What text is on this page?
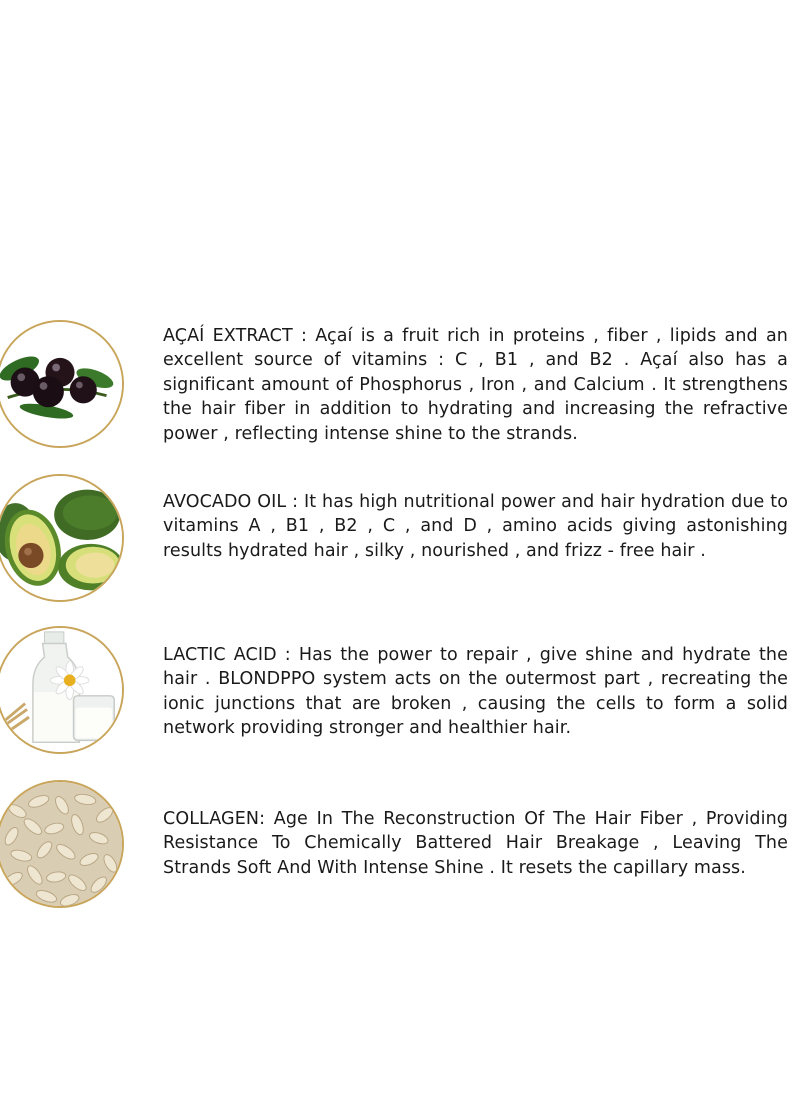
AÇAÍ EXTRACT : Açaí is a fruit rich in proteins , fiber , lipids and an excellent source of vitamins : C , B1 , and B2 . Açaí also has a significant amount of Phosphorus , Iron , and Calcium . It strengthens the hair fiber in addition to hydrating and increasing the refractive power , reflecting intense shine to the strands.

AVOCADO OIL : It has high nutritional power and hair hydration due to vitamins A , B1 , B2 , C , and D , amino acids giving astonishing results hydrated hair , silky , nourished , and frizz - free hair .

LACTIC ACID : Has the power to repair , give shine and hydrate the hair . BLONDPPO system acts on the outermost part , recreating the ionic junctions that are broken , causing the cells to form a solid network providing stronger and healthier hair.

COLLAGEN: Age In The Reconstruction Of The Hair Fiber , Providing Resistance To Chemically Battered Hair Breakage , Leaving The Strands Soft And With Intense Shine . It resets the capillary mass.
